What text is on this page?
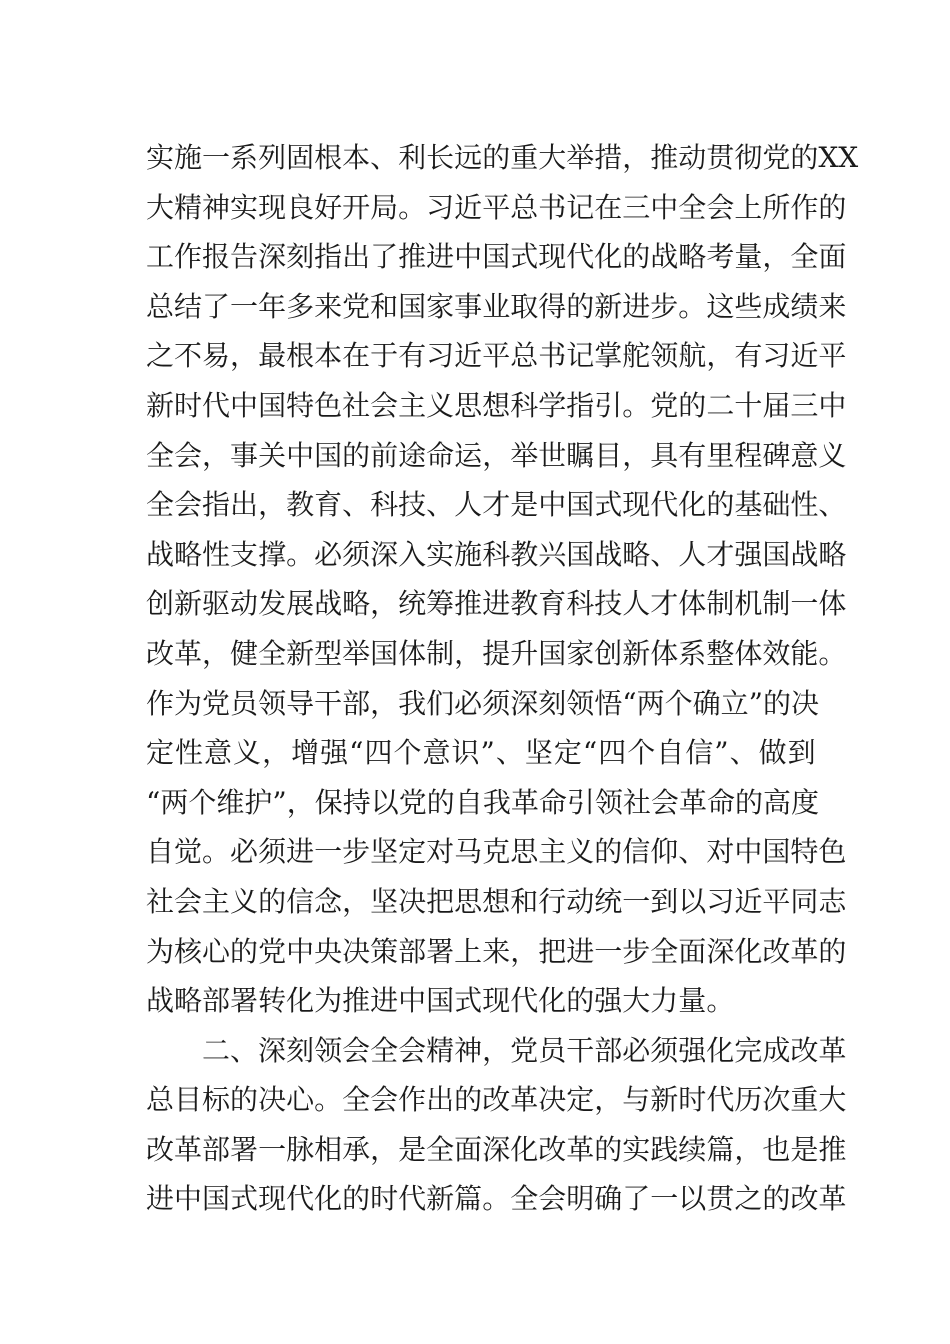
实 施 一 系 列 固 根 本 、 利 长 远 的 重 大 举 措 ， 推 动 贯 彻 党 的 XX
大 精 神 实 现 良 好 开 局 。 习 近 平 总 书 记 在 三 中 全 会 上 所 作 的
工 作 报 告 深 刻 指 出 了 推 进 中 国 式 现 代 化 的 战 略 考 量 ， 全 面
总 结 了 一 年 多 来 党 和 国 家 事 业 取 得 的 新 进 步 。 这 些 成 绩 来
之 不 易 ， 最 根 本 在 于 有 习 近 平 总 书 记 掌 舵 领 航 ， 有 习 近 平
新 时 代 中 国 特 色 社 会 主 义 思 想 科 学 指 引 。 党 的 二 十 届 三 中
全 会 ， 事 关 中 国 的 前 途 命 运 ， 举 世 瞩 目 ， 具 有 里 程 碑 意 义
全 会 指 出 ， 教 育 、 科 技 、 人 才 是 中 国 式 现 代 化 的 基 础 性 、
战 略 性 支 撑 。 必 须 深 入 实 施 科 教 兴 国 战 略 、 人 才 强 国 战 略
创 新 驱 动 发 展 战 略 ， 统 筹 推 进 教 育 科 技 人 才 体 制 机 制 一 体
改 革 ， 健 全 新 型 举 国 体 制 ， 提 升 国 家 创 新 体 系 整 体 效 能 。
作 为 党 员 领 导 干 部 ， 我 们 必 须 深 刻 领 悟 “ 两 个 确 立 ” 的 决
定 性 意 义 ， 增 强 “ 四 个 意 识 ” 、 坚 定 “ 四 个 自 信 ” 、 做 到
“ 两 个 维 护 ” ， 保 持 以 党 的 自 我 革 命 引 领 社 会 革 命 的 高 度
自 觉 。 必 须 进 一 步 坚 定 对 马 克 思 主 义 的 信 仰 、 对 中 国 特 色
社 会 主 义 的 信 念 ， 坚 决 把 思 想 和 行 动 统 一 到 以 习 近 平 同 志
为 核 心 的 党 中 央 决 策 部 署 上 来 ， 把 进 一 步 全 面 深 化 改 革 的
战 略 部 署 转 化 为 推 进 中 国 式 现 代 化 的 强 大 力 量 。
二 、 深 刻 领 会 全 会 精 神 ， 党 员 干 部 必 须 强 化 完 成 改 革
总 目 标 的 决 心 。 全 会 作 出 的 改 革 决 定 ， 与 新 时 代 历 次 重 大
改 革 部 署 一 脉 相 承 ， 是 全 面 深 化 改 革 的 实 践 续 篇 ， 也 是 推
进 中 国 式 现 代 化 的 时 代 新 篇 。 全 会 明 确 了 一 以 贯 之 的 改 革
